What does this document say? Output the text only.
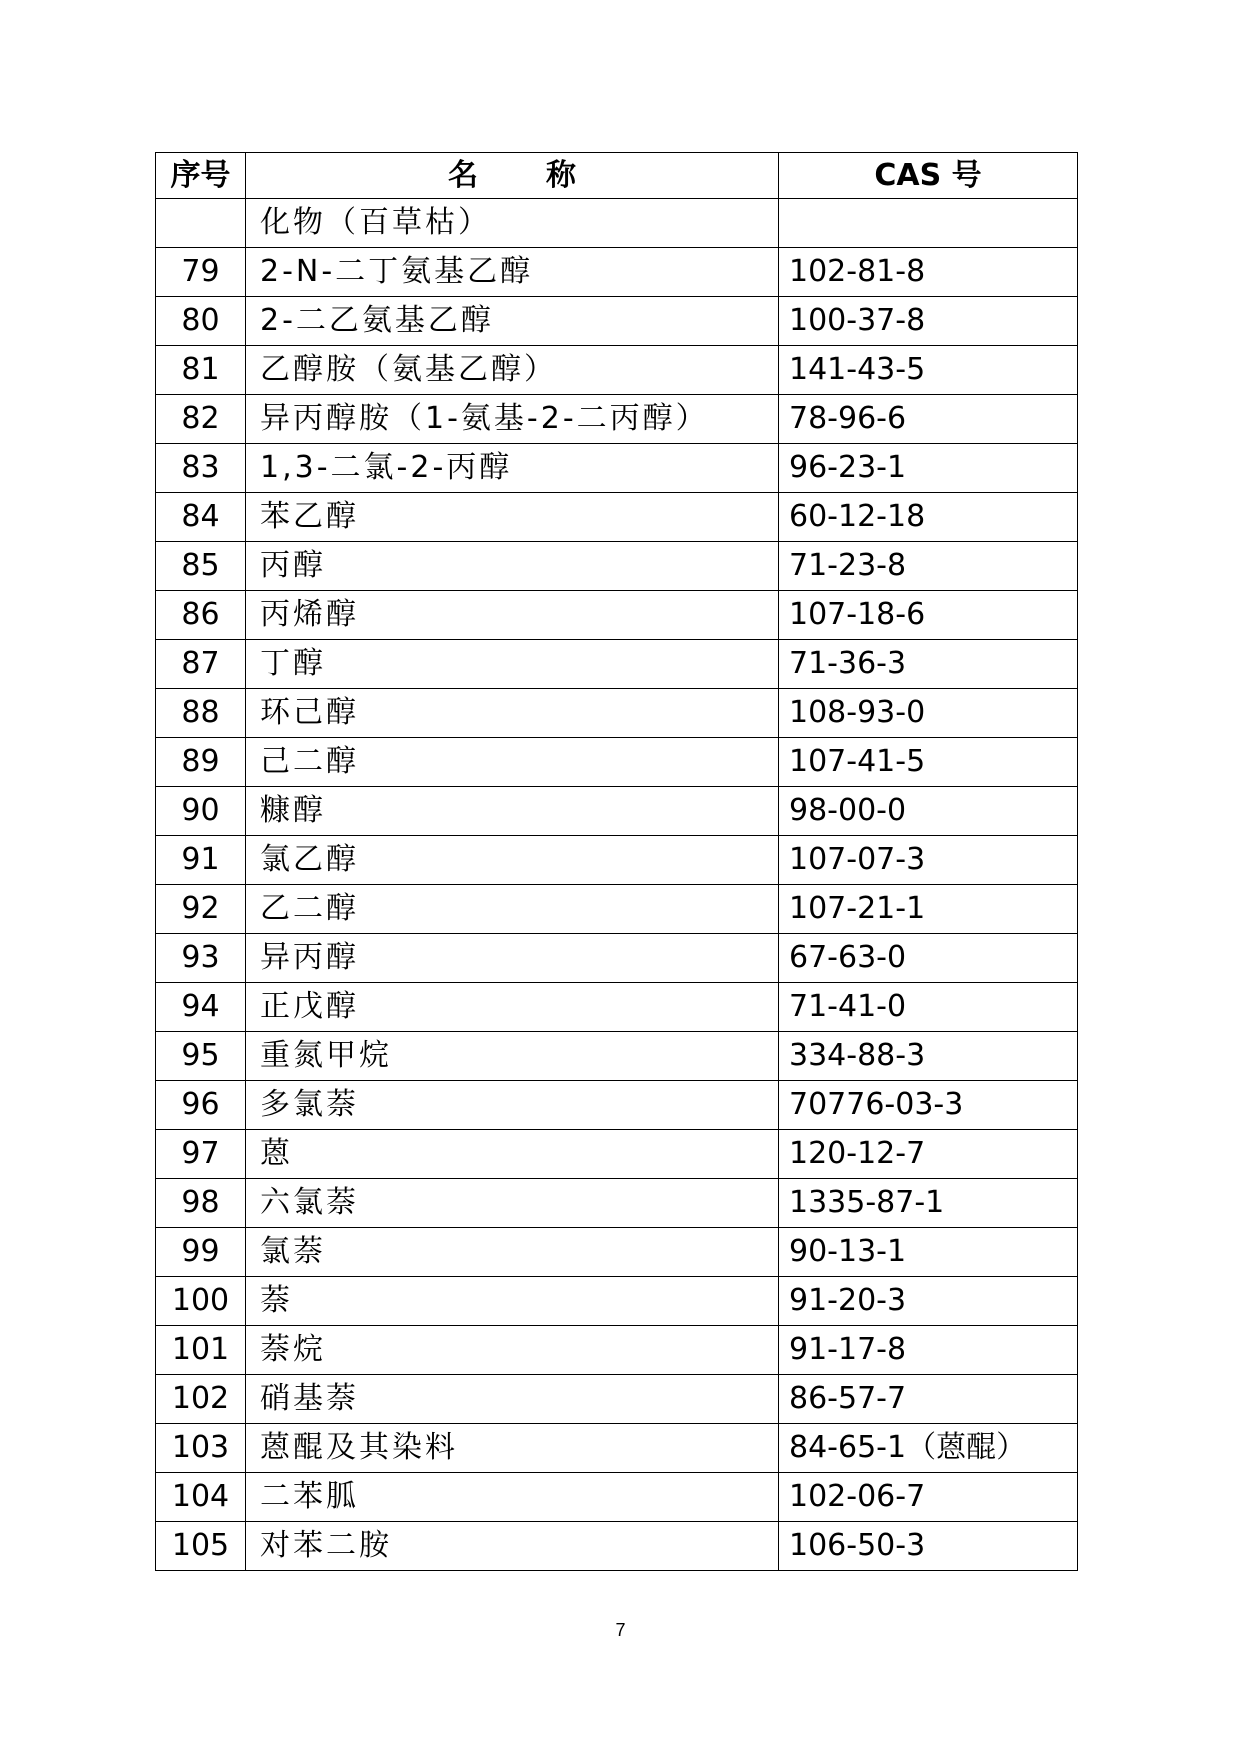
序号	名称	CAS 号
	化物（百草枯）	
79	2-N-二丁氨基乙醇	102-81-8
80	2-二乙氨基乙醇	100-37-8
81	乙醇胺（氨基乙醇）	141-43-5
82	异丙醇胺（1-氨基-2-二丙醇）	78-96-6
83	1,3-二氯-2-丙醇	96-23-1
84	苯乙醇	60-12-18
85	丙醇	71-23-8
86	丙烯醇	107-18-6
87	丁醇	71-36-3
88	环己醇	108-93-0
89	己二醇	107-41-5
90	糠醇	98-00-0
91	氯乙醇	107-07-3
92	乙二醇	107-21-1
93	异丙醇	67-63-0
94	正戊醇	71-41-0
95	重氮甲烷	334-88-3
96	多氯萘	70776-03-3
97	蒽	120-12-7
98	六氯萘	1335-87-1
99	氯萘	90-13-1
100	萘	91-20-3
101	萘烷	91-17-8
102	硝基萘	86-57-7
103	蒽醌及其染料	84-65-1（蒽醌）
104	二苯胍	102-06-7
105	对苯二胺	106-50-3
7
